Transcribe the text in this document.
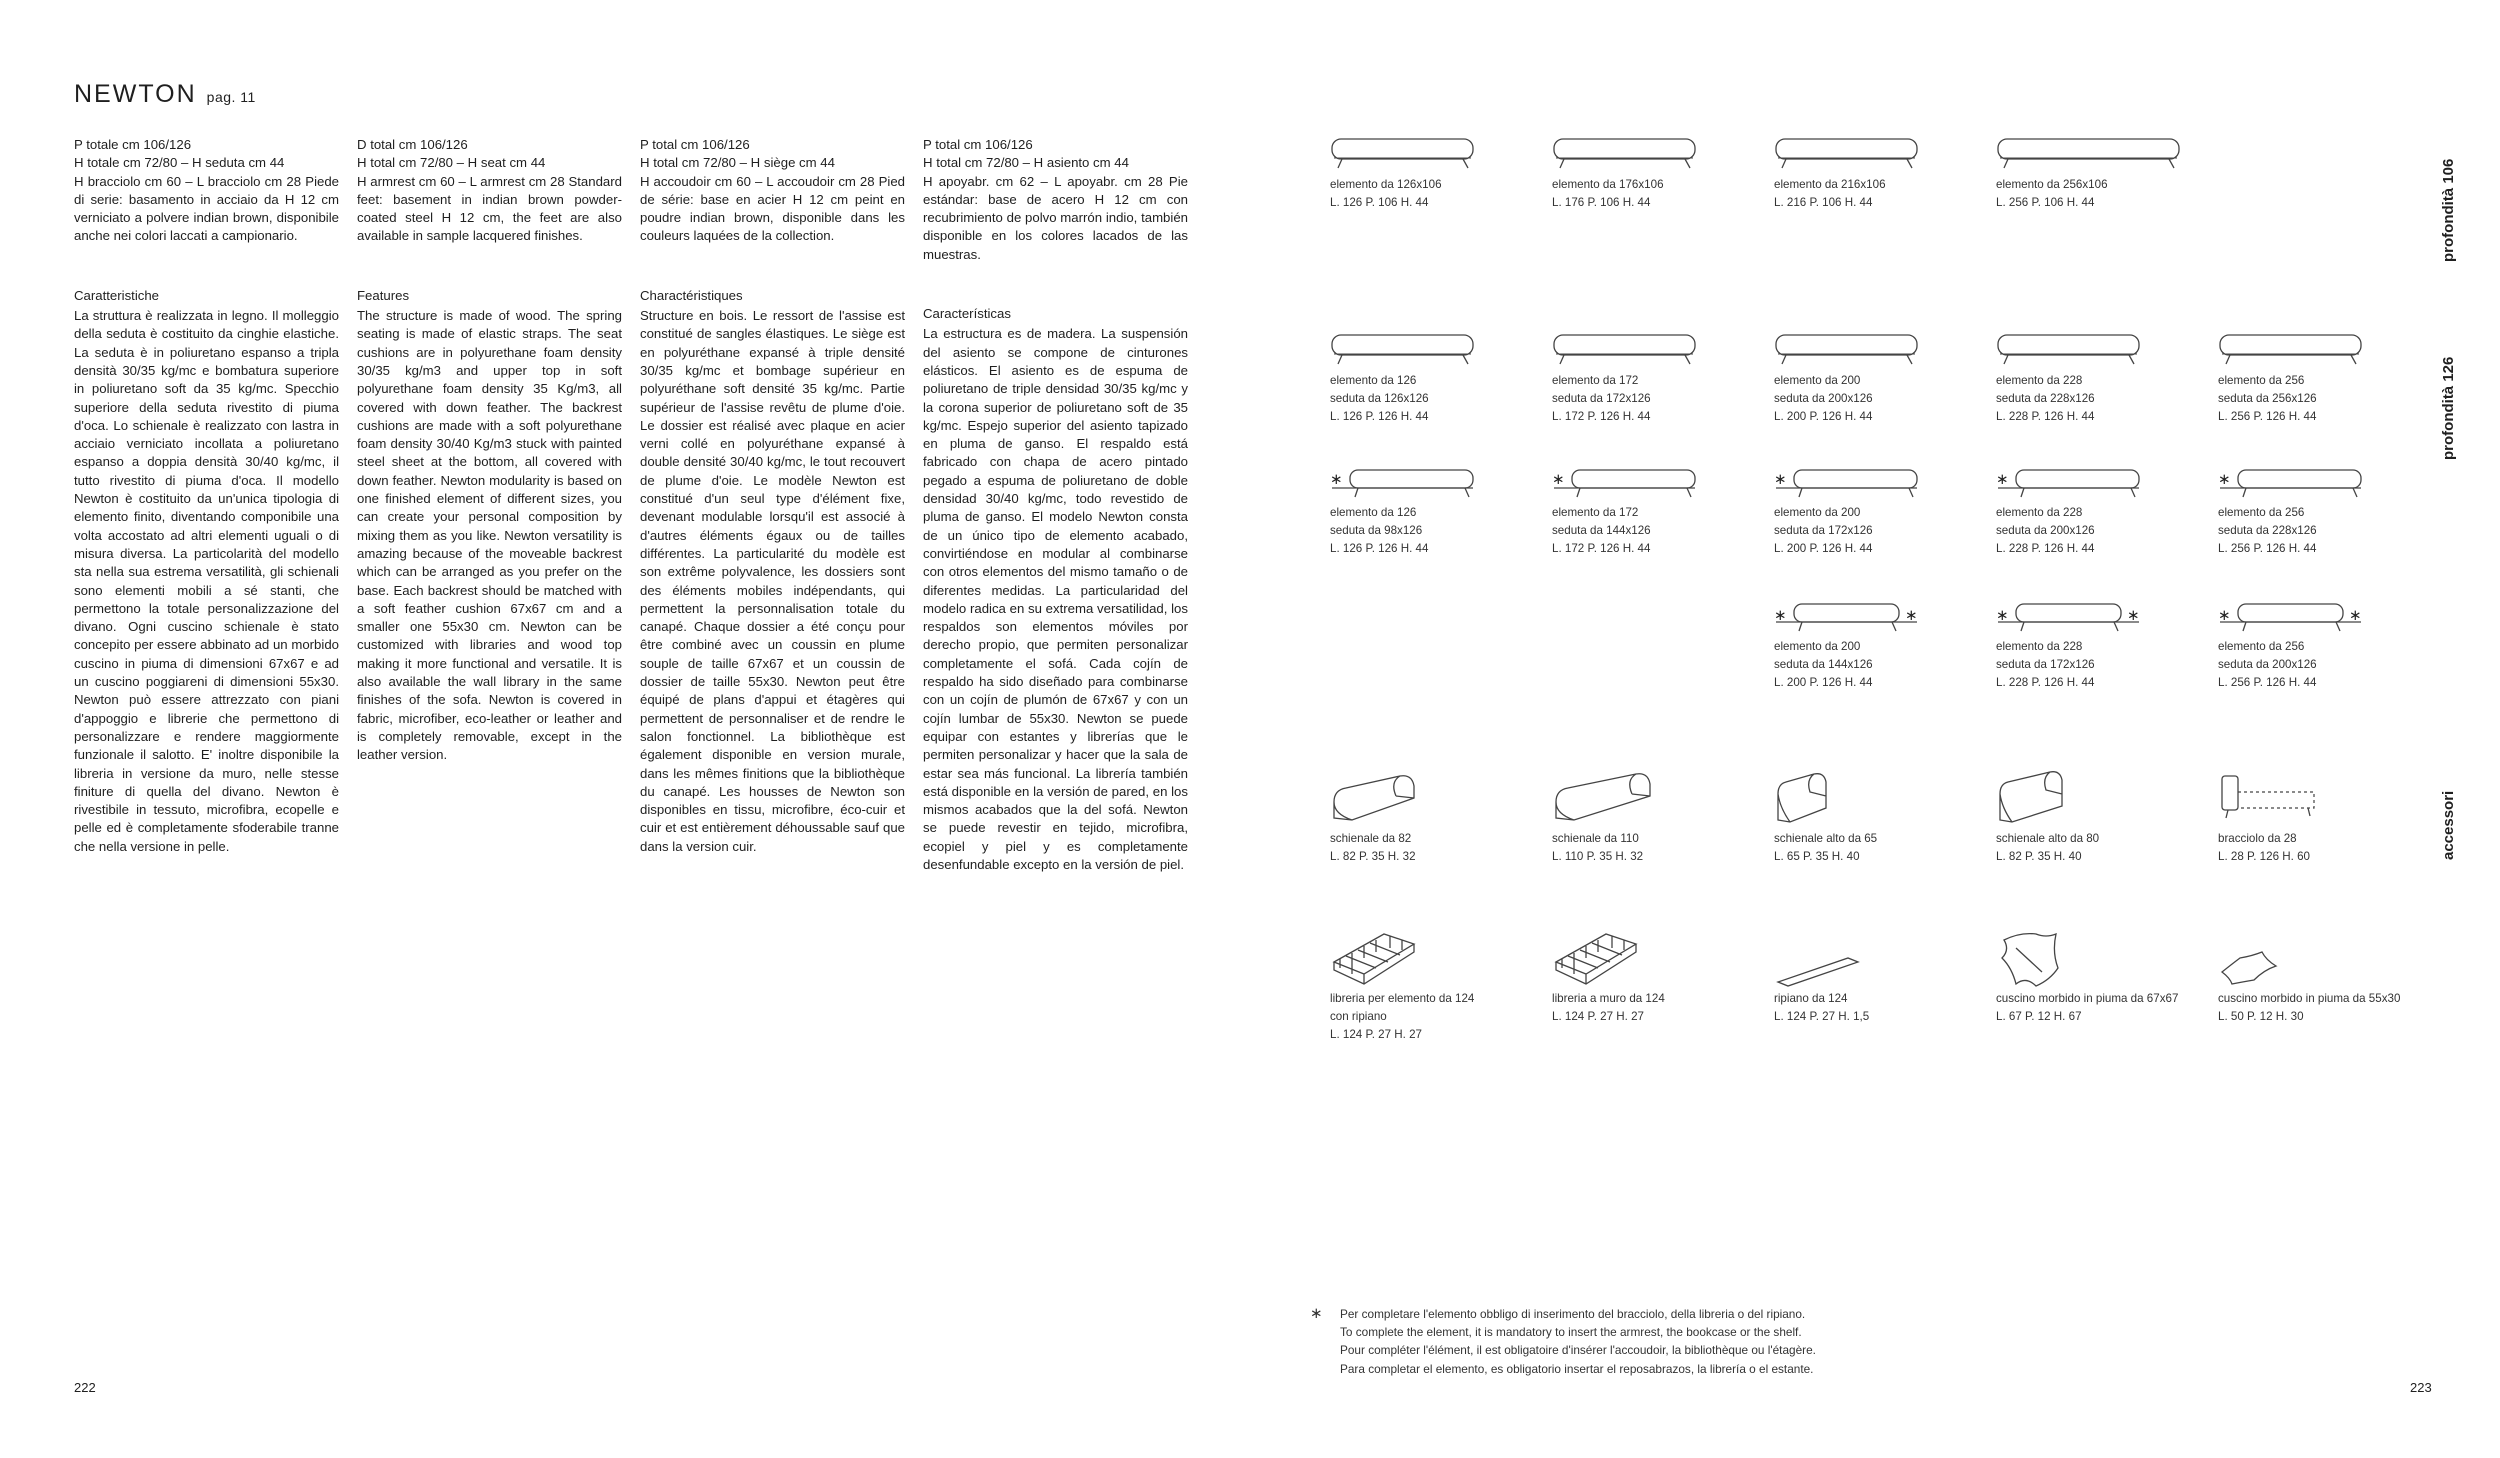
NEWTON pag. 11

P totale cm 106/126

H totale cm 72/80 – H seduta cm 44

H bracciolo cm 60 – L bracciolo cm 28 Piede di serie: basamento in acciaio da H 12 cm verniciato a polvere indian brown, disponibile anche nei colori laccati a campionario.

Caratteristiche

La struttura è realizzata in legno. Il molleggio della seduta è costituito da cinghie elastiche. La seduta è in poliuretano espanso a tripla densità 30/35 kg/mc e bombatura superiore in poliuretano soft da 35 kg/mc. Specchio superiore della seduta rivestito di piuma d'oca. Lo schienale è realizzato con lastra in acciaio verniciato incollata a poliuretano espanso a doppia densità 30/40 kg/mc, il tutto rivestito di piuma d'oca. Il modello Newton è costituito da un'unica tipologia di elemento finito, diventando componibile una volta accostato ad altri elementi uguali o di misura diversa. La particolarità del modello sta nella sua estrema versatilità, gli schienali sono elementi mobili a sé stanti, che permettono la totale personalizzazione del divano. Ogni cuscino schienale è stato concepito per essere abbinato ad un morbido cuscino in piuma di dimensioni 67x67 e ad un cuscino poggiareni di dimensioni 55x30. Newton può essere attrezzato con piani d'appoggio e librerie che permettono di personalizzare e rendere maggiormente funzionale il salotto. E' inoltre disponibile la libreria in versione da muro, nelle stesse finiture di quella del divano. Newton è rivestibile in tessuto, microfibra, ecopelle e pelle ed è completamente sfoderabile tranne che nella versione in pelle.

D total cm 106/126

H total cm 72/80 – H seat cm 44

H armrest cm 60 – L armrest cm 28 Standard feet: basement in indian brown powder-coated steel H 12 cm, the feet are also available in sample lacquered finishes.

Features

The structure is made of wood. The spring seating is made of elastic straps. The seat cushions are in polyurethane foam density 30/35 kg/m3 and upper top in soft polyurethane foam density 35 Kg/m3, all covered with down feather. The backrest cushions are made with a soft polyurethane foam density 30/40 Kg/m3 stuck with painted steel sheet at the bottom, all covered with down feather. Newton modularity is based on one finished element of different sizes, you can create your personal composition by mixing them as you like. Newton versatility is amazing because of the moveable backrest which can be arranged as you prefer on the base. Each backrest should be matched with a soft feather cushion 67x67 cm and a smaller one 55x30 cm. Newton can be customized with libraries and wood top making it more functional and versatile. It is also available the wall library in the same finishes of the sofa. Newton is covered in fabric, microfiber, eco-leather or leather and is completely removable, except in the leather version.

P total cm 106/126

H total cm 72/80 – H siège cm 44

H accoudoir cm 60 – L accoudoir cm 28 Pied de série: base en acier H 12 cm peint en poudre indian brown, disponible dans les couleurs laquées de la collection.

Charactéristiques

Structure en bois. Le ressort de l'assise est constitué de sangles élastiques. Le siège est en polyuréthane expansé à triple densité 30/35 kg/mc et bombage supérieur en polyuréthane soft densité 35 kg/mc. Partie supérieur de l'assise revêtu de plume d'oie. Le dossier est réalisé avec plaque en acier verni collé en polyuréthane expansé à double densité 30/40 kg/mc, le tout recouvert de plume d'oie. Le modèle Newton est constitué d'un seul type d'élément fixe, devenant modulable lorsqu'il est associé à d'autres éléments égaux ou de tailles différentes. La particularité du modèle est son extrême polyvalence, les dossiers sont des éléments mobiles indépendants, qui permettent la personnalisation totale du canapé. Chaque dossier a été conçu pour être combiné avec un coussin en plume souple de taille 67x67 et un coussin de dossier de taille 55x30. Newton peut être équipé de plans d'appui et étagères qui permettent de personnaliser et de rendre le salon fonctionnel. La bibliothèque est également disponible en version murale, dans les mêmes finitions que la bibliothèque du canapé. Les housses de Newton son disponibles en tissu, microfibre, éco-cuir et cuir et est entièrement déhoussable sauf que dans la version cuir.

P total cm 106/126

H total cm 72/80 – H asiento cm 44

H apoyabr. cm 62 – L apoyabr. cm 28 Pie estándar: base de acero H 12 cm con recubrimiento de polvo marrón indio, también disponible en los colores lacados de las muestras.

Características

La estructura es de madera. La suspensión del asiento se compone de cinturones elásticos. El asiento es de espuma de poliuretano de triple densidad 30/35 kg/mc y la corona superior de poliuretano soft de 35 kg/mc. Espejo superior del asiento tapizado en pluma de ganso. El respaldo está fabricado con chapa de acero pintado pegado a espuma de poliuretano de doble densidad 30/40 kg/mc, todo revestido de pluma de ganso. El modelo Newton consta de un único tipo de elemento acabado, convirtiéndose en modular al combinarse con otros elementos del mismo tamaño o de diferentes medidas. La particularidad del modelo radica en su extrema versatilidad, los respaldos son elementos móviles por derecho propio, que permiten personalizar completamente el sofá. Cada cojín de respaldo ha sido diseñado para combinarse con un cojín de plumón de 67x67 y con un cojín lumbar de 55x30. Newton se puede equipar con estantes y librerías que le permiten personalizar y hacer que la sala de estar sea más funcional. La librería también está disponible en la versión de pared, en los mismos acabados que la del sofá. Newton se puede revestir en tejido, microfibra, ecopiel y piel y es completamente desenfundable excepto en la versión de piel.

222
profondità 106
profondità 126
accessori
elemento da 126x106
L. 126 P. 106 H. 44
elemento da 176x106
L. 176 P. 106 H. 44
elemento da 216x106
L. 216 P. 106 H. 44
elemento da 256x106
L. 256 P. 106 H. 44
elemento da 126
seduta da 126x126
L. 126 P. 126 H. 44
elemento da 172
seduta da 172x126
L. 172 P. 126 H. 44
elemento da 200
seduta da 200x126
L. 200 P. 126 H. 44
elemento da 228
seduta da 228x126
L. 228 P. 126 H. 44
elemento da 256
seduta da 256x126
L. 256 P. 126 H. 44
∗
elemento da 126
seduta da 98x126
L. 126 P. 126 H. 44
∗
elemento da 172
seduta da 144x126
L. 172 P. 126 H. 44
∗
elemento da 200
seduta da 172x126
L. 200 P. 126 H. 44
∗
elemento da 228
seduta da 200x126
L. 228 P. 126 H. 44
∗
elemento da 256
seduta da 228x126
L. 256 P. 126 H. 44
∗	∗
elemento da 200
seduta da 144x126
L. 200 P. 126 H. 44
∗	∗
elemento da 228
seduta da 172x126
L. 228 P. 126 H. 44
∗	∗
elemento da 256
seduta da 200x126
L. 256 P. 126 H. 44
schienale da 82
L. 82 P. 35 H. 32
schienale da 110
L. 110 P. 35 H. 32
schienale alto da 65
L. 65 P. 35 H. 40
schienale alto da 80
L. 82 P. 35 H. 40
bracciolo da 28
L. 28 P. 126 H. 60
libreria per elemento da 124
con ripiano
L. 124 P. 27 H. 27
libreria a muro da 124
L. 124 P. 27 H. 27
ripiano da 124
L. 124 P. 27 H. 1,5
cuscino morbido in piuma da 67x67
L. 67 P. 12 H. 67
cuscino morbido in piuma da 55x30
L. 50 P. 12 H. 30
∗ Per completare l'elemento obbligo di inserimento del bracciolo, della libreria o del ripiano.
To complete the element, it is mandatory to insert the armrest, the bookcase or the shelf.
Pour compléter l'élément, il est obligatoire d'insérer l'accoudoir, la bibliothèque ou l'étagère.
Para completar el elemento, es obligatorio insertar el reposabrazos, la librería o el estante.
223
